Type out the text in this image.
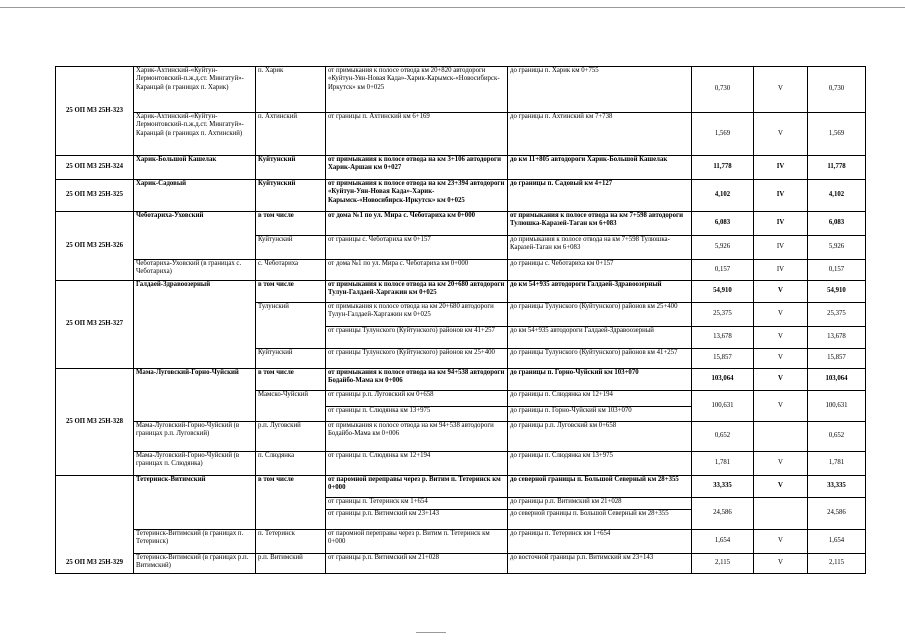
25 ОП МЗ 25Н-323	Харик-Ахтинский-«Куйтун-Лермонтовский-п.ж.д.ст. Мингатуй»-Каранцай (в границах п. Харик)	п. Харик	от примыкания к полосе отвода км 20+820 автодороги «Куйтун-Уян-Новая Када»-Харик-Карымск-«Новосибирск-Иркутск» км 0+025	до границы п. Харик км 0+755	0,730	V	0,730
	Харик-Ахтинский-«Куйтун-Лермонтовский-п.ж.д.ст. Мингатуй»-Каранцай (в границах п. Ахтинский)	п. Ахтинский	от границы п. Ахтинский км 6+169	до границы п. Ахтинский км 7+738	1,569	V	1,569
25 ОП МЗ 25Н-324	Харик-Большой Кашелак	Куйтунский	от примыкания к полосе отвода на км 3+106 автодороги Харик-Аршан км 0+027	до км 11+805 автодороги Харик-Большой Кашелак	11,778	IV	11,778
25 ОП МЗ 25Н-325	Харик-Садовый	Куйтунский	от примыкания к полосе отвода на км 23+394 автодороги «Куйтун-Уян-Новая Када»-Харик-Карымск-«Новосибирск-Иркутск» км 0+025	до границы п. Садовый км 4+127	4,102	IV	4,102
25 ОП МЗ 25Н-326	Чеботариха-Уховский	в том числе	от дома №1 по ул. Мира с. Чеботариха км 0+000	от примыкания к полосе отвода на км 7+598 автодороги Тулюшка-Каразей-Таган км 6+083	6,083	IV	6,083
		Куйтунский	от границы с. Чеботариха км 0+157	до примыкания к полосе отвода на км 7+598 Тулюшка-Каразей-Таган км 6+083	5,926	IV	5,926
	Чеботариха-Уховский (в границах с. Чеботариха)	с. Чеботариха	от дома №1 по ул. Мира с. Чеботариха км 0+000	до границы с. Чеботариха км 0+157	0,157	IV	0,157
25 ОП МЗ 25Н-327	Галдаей-Здравоозерный	в том числе	от примыкания к полосе отвода на км 20+680 автодороги Тулун-Галдаей-Харгажин км 0+025	до км 54+935 автодороги Галдаей-Здравоозерный	54,910	V	54,910
		Тулунский	от примыкания к полосе отвода на км 20+680 автодороги Тулун-Галдаей-Харгажин км 0+025	до границы Тулунского (Куйтунского) районов км 25+400	25,375	V	25,375
			от границы Тулунского (Куйтунского) районов км 41+257	до км 54+935 автодороги Галдаей-Здравоозерный	13,678	V	13,678
		Куйтунский	от границы Тулунского (Куйтунского) районов км 25+400	до границы Тулунского (Куйтунского) районов км 41+257	15,857	V	15,857
25 ОП МЗ 25Н-328	Мама-Луговский-Горно-Чуйский	в том числе	от примыкания к полосе отвода на км 94+538 автодороги Бодайбо-Мама км 0+006	до границы п. Горно-Чуйский км 103+070	103,064	V	103,064
		Мамско-Чуйский	от границы р.п. Луговский км 0+658	до границы п. Слюдянка км 12+194	100,631	V	100,631
			от границы п. Слюдянка км 13+975	до границы п. Горно-Чуйский км 103+070			
	Мама-Луговский-Горно-Чуйский (в границах р.п. Луговский)	р.п. Луговский	от примыкания к полосе отвода на км 94+538 автодороги Бодайбо-Мама км 0+006	до границы р.п. Луговский км 0+658	0,652		0,652
	Мама-Луговский-Горно-Чуйский (в границах п. Слюдянка)	п. Слюдянка	от границы п. Слюдянка км 12+194	до границы п. Слюдянка км 13+975	1,781	V	1,781
25 ОП МЗ 25Н-329	Тетеринск-Витимский	в том числе	от паромной переправы через р. Витим п. Тетеринск км 0+000	до северной границы п. Большой Северный км 28+355	33,335	V	33,335
			от границы п. Тетеринск км 1+654	до границы р.п. Витимский км 21+028	24,586		24,586
			от границы р.п. Витимский км 23+143	до северной границы п. Большой Северный км 28+355			
	Тетеринск-Витимский (в границах п. Тетеринск)	п. Тетеринск	от паромной переправы через р. Витим п. Тетеринск км 0+000	до границы п. Тетеринск км 1+654	1,654	V	1,654
	Тетеринск-Витимский (в границах р.п. Витимский)	р.п. Витимский	от границы р.п. Витимский км 21+028	до восточной границы р.п. Витимский км 23+143	2,115	V	2,115
